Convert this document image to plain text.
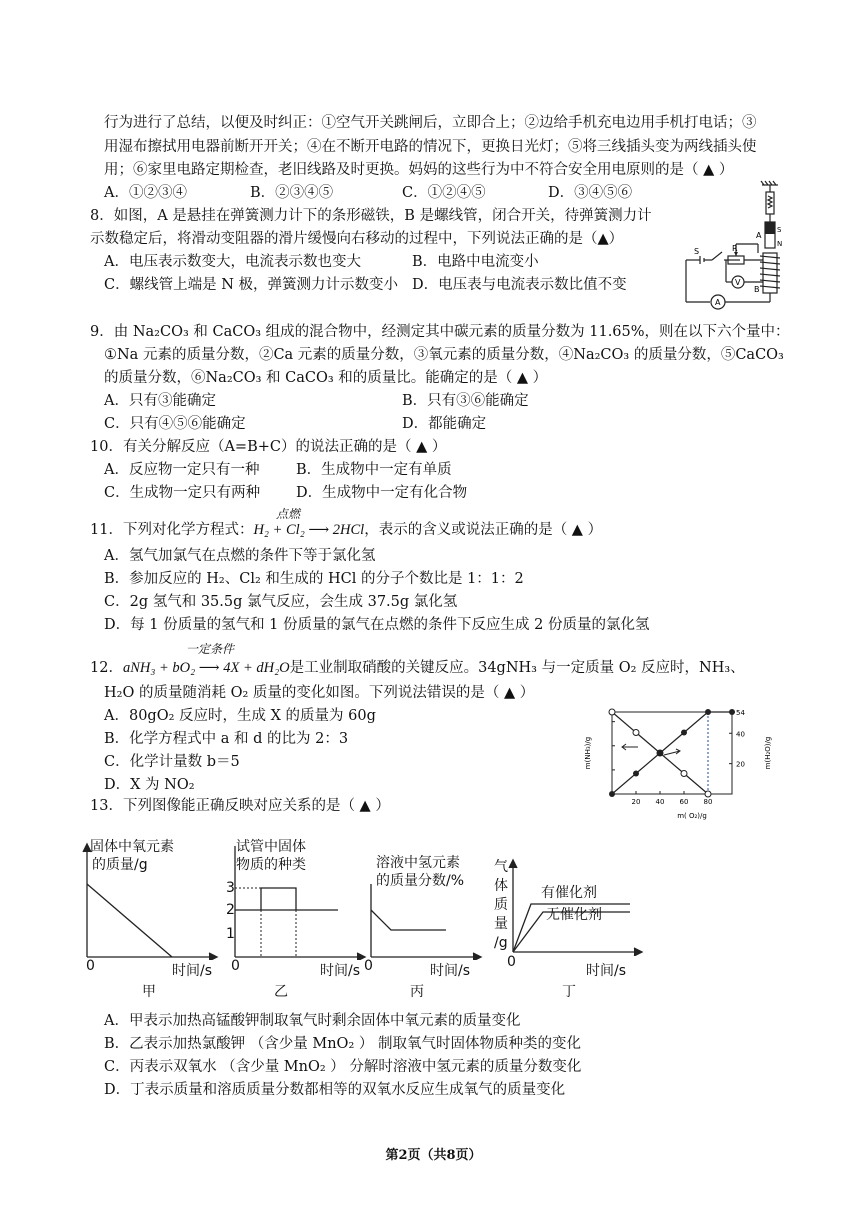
行为进行了总结，以便及时纠正：①空气开关跳闸后，立即合上；②边给手机充电边用手机打电话；③
用湿布擦拭用电器前断开开关；④在不断开电路的情况下，更换日光灯；⑤将三线插头变为两线插头使
用；⑥家里电路定期检查，老旧线路及时更换。妈妈的这些行为中不符合安全用电原则的是（ ▲ ）
A．①②③④	B．②③④⑤	C．①②④⑤	D．③④⑤⑥
8．如图，A 是悬挂在弹簧测力计下的条形磁铁，B 是螺线管，闭合开关，待弹簧测力计
示数稳定后，将滑动变阻器的滑片缓慢向右移动的过程中，下列说法正确的是（▲）
A．电压表示数变大，电流表示数也变大	B．电路中电流变小
C．螺线管上端是 N 极，弹簧测力计示数变小 D．电压表与电流表示数比值不变
A
S
N
R
V
S
B
A
9．由 Na₂CO₃ 和 CaCO₃ 组成的混合物中，经测定其中碳元素的质量分数为 11.65%，则在以下六个量中：
①Na 元素的质量分数，②Ca 元素的质量分数，③氧元素的质量分数，④Na₂CO₃ 的质量分数，⑤CaCO₃
的质量分数，⑥Na₂CO₃ 和 CaCO₃ 和的质量比。能确定的是（ ▲ ）
A．只有③能确定	B．只有③⑥能确定
C．只有④⑤⑥能确定	D．都能确定
10．有关分解反应（A=B+C）的说法正确的是（ ▲ ）
A．反应物一定只有一种	B．生成物中一定有单质
C．生成物一定只有两种 D．生成物中一定有化合物
点燃
11．下列对化学方程式：H₂ + Cl₂ ⟶ 2HCl，表示的含义或说法正确的是（ ▲ ）
A．氢气加氯气在点燃的条件下等于氯化氢
B．参加反应的 H₂、Cl₂ 和生成的 HCl 的分子个数比是 1：1：2
C．2g 氢气和 35.5g 氯气反应，会生成 37.5g 氯化氢
D．每 1 份质量的氢气和 1 份质量的氯气在点燃的条件下反应生成 2 份质量的氯化氢
一定条件
12．aNH₃ + bO₂ ⟶ 4X + dH₂O是工业制取硝酸的关键反应。34gNH₃ 与一定质量 O₂ 反应时，NH₃、
H₂O 的质量随消耗 O₂ 质量的变化如图。下列说法错误的是（ ▲ ）
A．80gO₂ 反应时，生成 X 的质量为 60g
B．化学方程式中 a 和 d 的比为 2：3
C．化学计量数 b＝5
D．X 为 NO₂
20 40 60 80
20
40
54
m(NH₃)/g	m(H₂O)/g
m( O₂)/g
13．下列图像能正确反映对应关系的是（ ▲ ）
固体中氧元素
的质量/g
0	时间/s
甲
试管中固体
物质的种类
3
2
1
0	时间/s
乙
溶液中氢元素
的质量分数/%
0	时间/s
丙
气
体
质
量
/g
有催化剂
无催化剂
0
时间/s
丁
A．甲表示加热高锰酸钾制取氧气时剩余固体中氧元素的质量变化
B．乙表示加热氯酸钾 （含少量 MnO₂ ） 制取氧气时固体物质种类的变化
C．丙表示双氧水 （含少量 MnO₂ ） 分解时溶液中氢元素的质量分数变化
D．丁表示质量和溶质质量分数都相等的双氧水反应生成氧气的质量变化
第2页（共8页）
